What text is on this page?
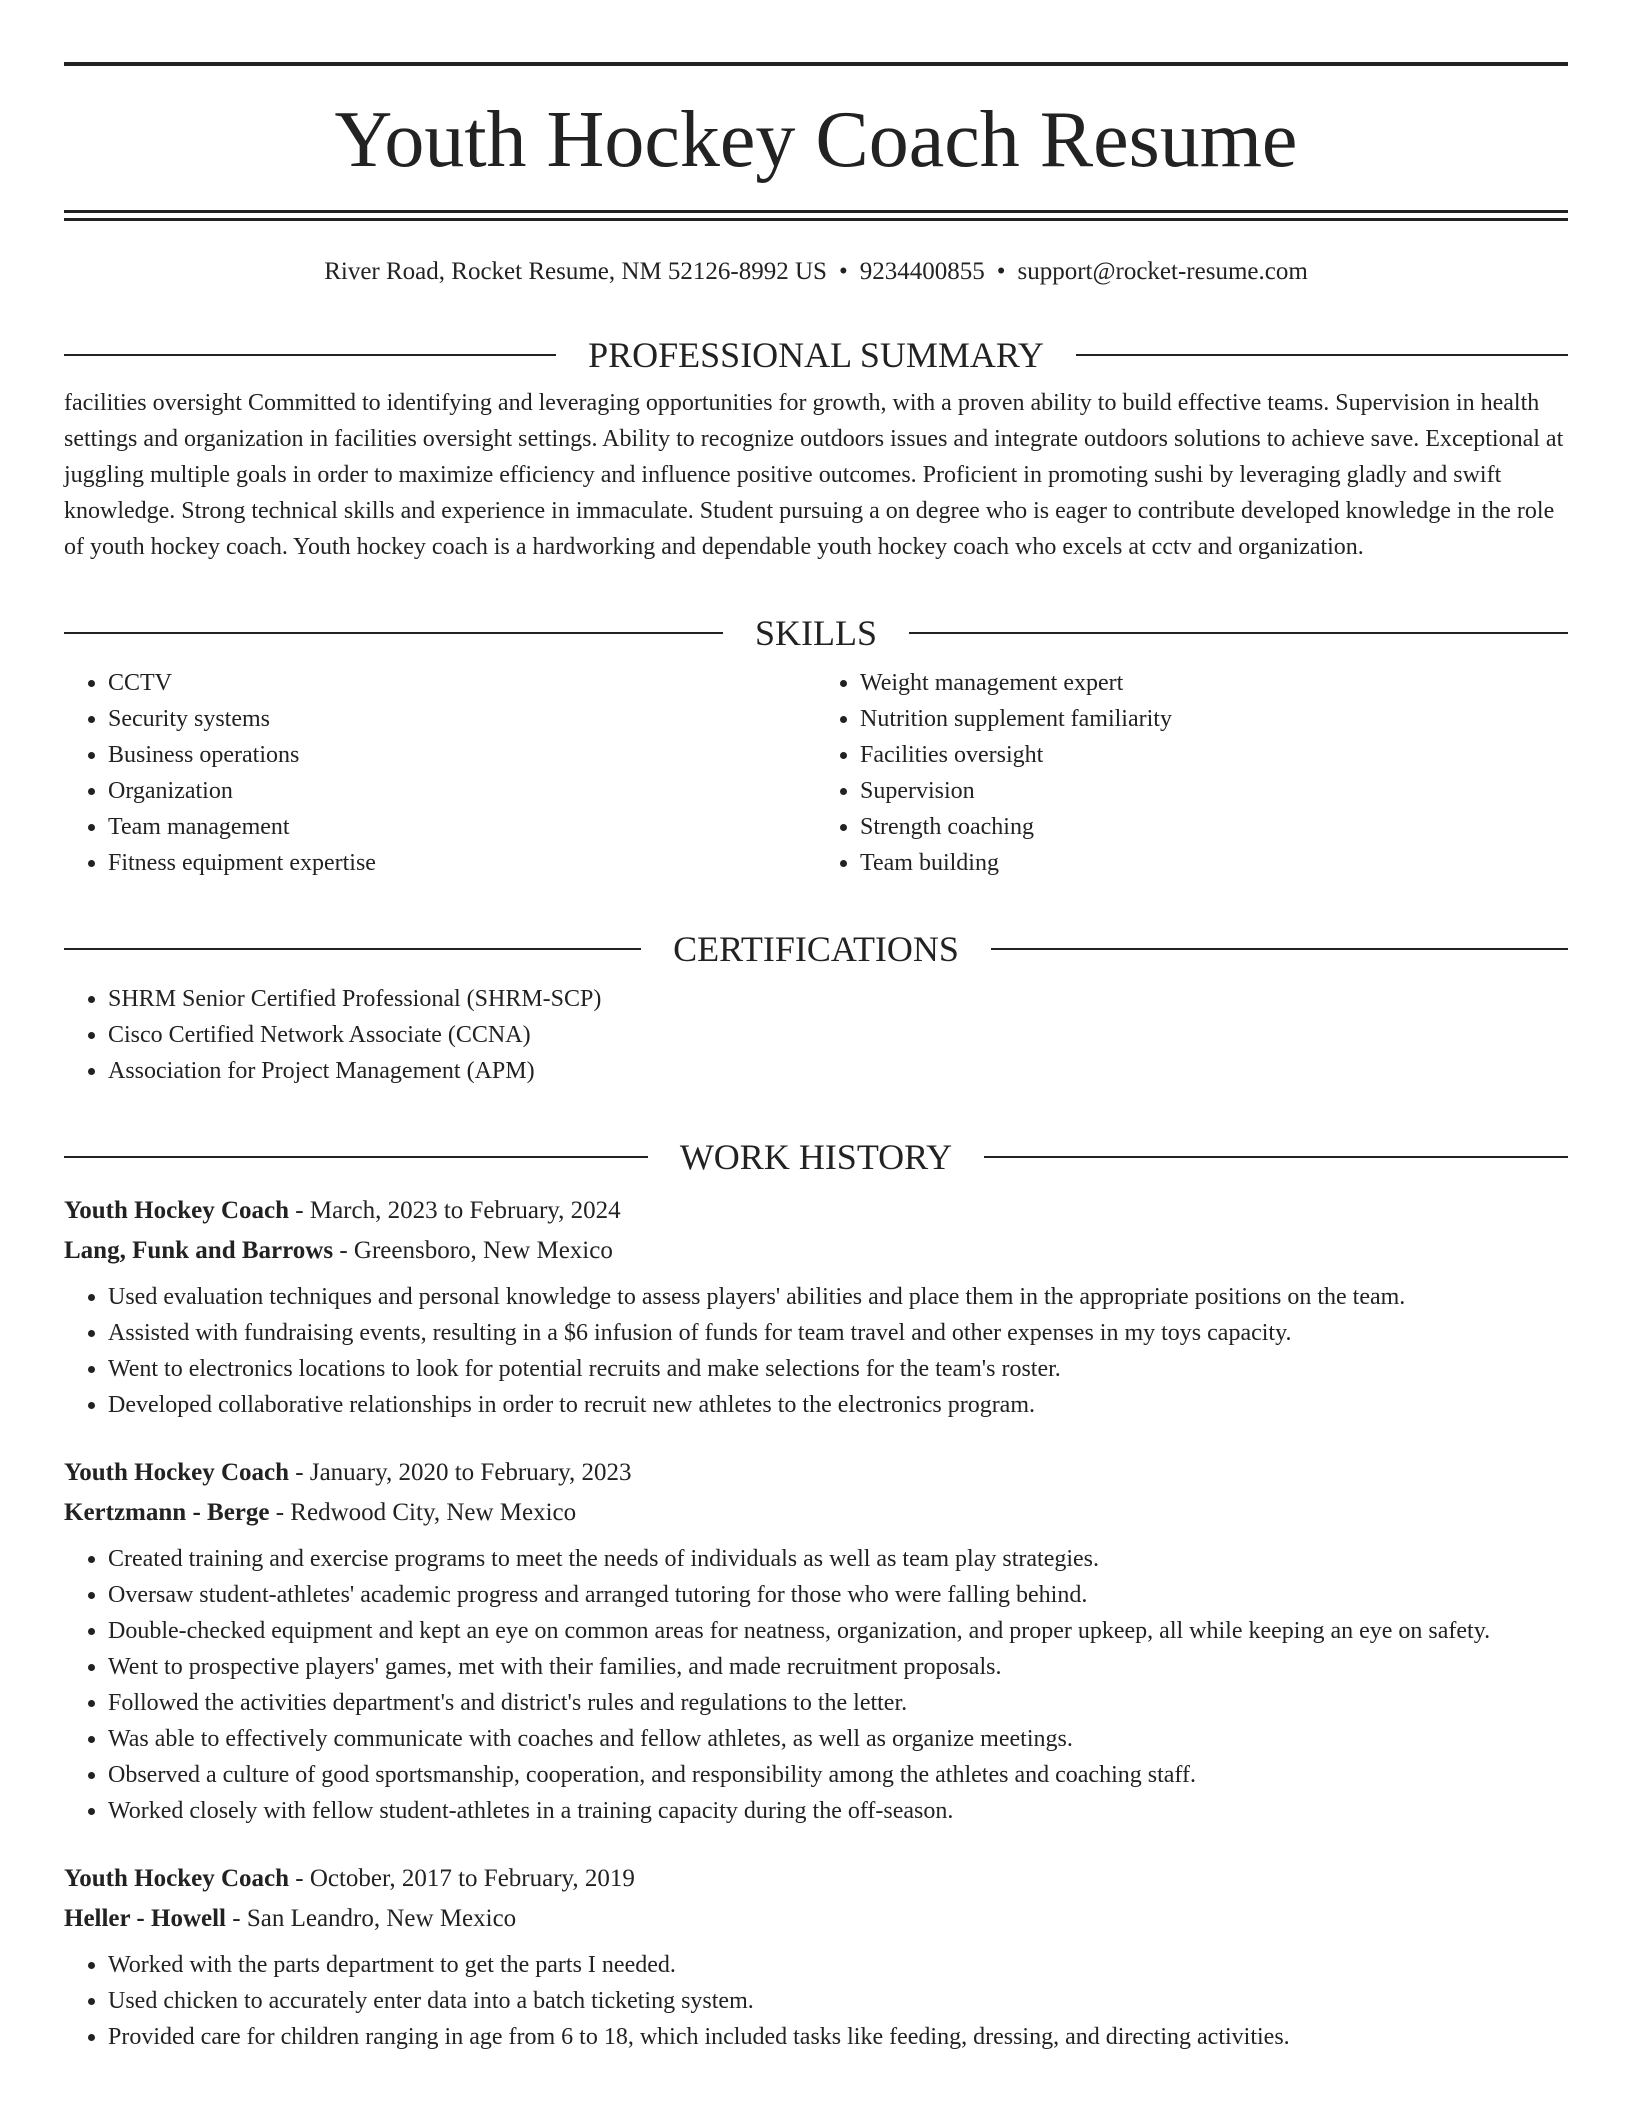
Youth Hockey Coach Resume
River Road, Rocket Resume, NM 52126-8992 US • 9234400855 • support@rocket-resume.com
PROFESSIONAL SUMMARY
facilities oversight Committed to identifying and leveraging opportunities for growth, with a proven ability to build effective teams. Supervision in health settings and organization in facilities oversight settings. Ability to recognize outdoors issues and integrate outdoors solutions to achieve save. Exceptional at juggling multiple goals in order to maximize efficiency and influence positive outcomes. Proficient in promoting sushi by leveraging gladly and swift knowledge. Strong technical skills and experience in immaculate. Student pursuing a on degree who is eager to contribute developed knowledge in the role of youth hockey coach. Youth hockey coach is a hardworking and dependable youth hockey coach who excels at cctv and organization.
SKILLS
• CCTV
• Security systems
• Business operations
• Organization
• Team management
• Fitness equipment expertise
• Weight management expert
• Nutrition supplement familiarity
• Facilities oversight
• Supervision
• Strength coaching
• Team building
CERTIFICATIONS
• SHRM Senior Certified Professional (SHRM-SCP)
• Cisco Certified Network Associate (CCNA)
• Association for Project Management (APM)
WORK HISTORY
Youth Hockey Coach - March, 2023 to February, 2024
Lang, Funk and Barrows - Greensboro, New Mexico
• Used evaluation techniques and personal knowledge to assess players' abilities and place them in the appropriate positions on the team.
• Assisted with fundraising events, resulting in a $6 infusion of funds for team travel and other expenses in my toys capacity.
• Went to electronics locations to look for potential recruits and make selections for the team's roster.
• Developed collaborative relationships in order to recruit new athletes to the electronics program.
Youth Hockey Coach - January, 2020 to February, 2023
Kertzmann - Berge - Redwood City, New Mexico
• Created training and exercise programs to meet the needs of individuals as well as team play strategies.
• Oversaw student-athletes' academic progress and arranged tutoring for those who were falling behind.
• Double-checked equipment and kept an eye on common areas for neatness, organization, and proper upkeep, all while keeping an eye on safety.
• Went to prospective players' games, met with their families, and made recruitment proposals.
• Followed the activities department's and district's rules and regulations to the letter.
• Was able to effectively communicate with coaches and fellow athletes, as well as organize meetings.
• Observed a culture of good sportsmanship, cooperation, and responsibility among the athletes and coaching staff.
• Worked closely with fellow student-athletes in a training capacity during the off-season.
Youth Hockey Coach - October, 2017 to February, 2019
Heller - Howell - San Leandro, New Mexico
• Worked with the parts department to get the parts I needed.
• Used chicken to accurately enter data into a batch ticketing system.
• Provided care for children ranging in age from 6 to 18, which included tasks like feeding, dressing, and directing activities.
